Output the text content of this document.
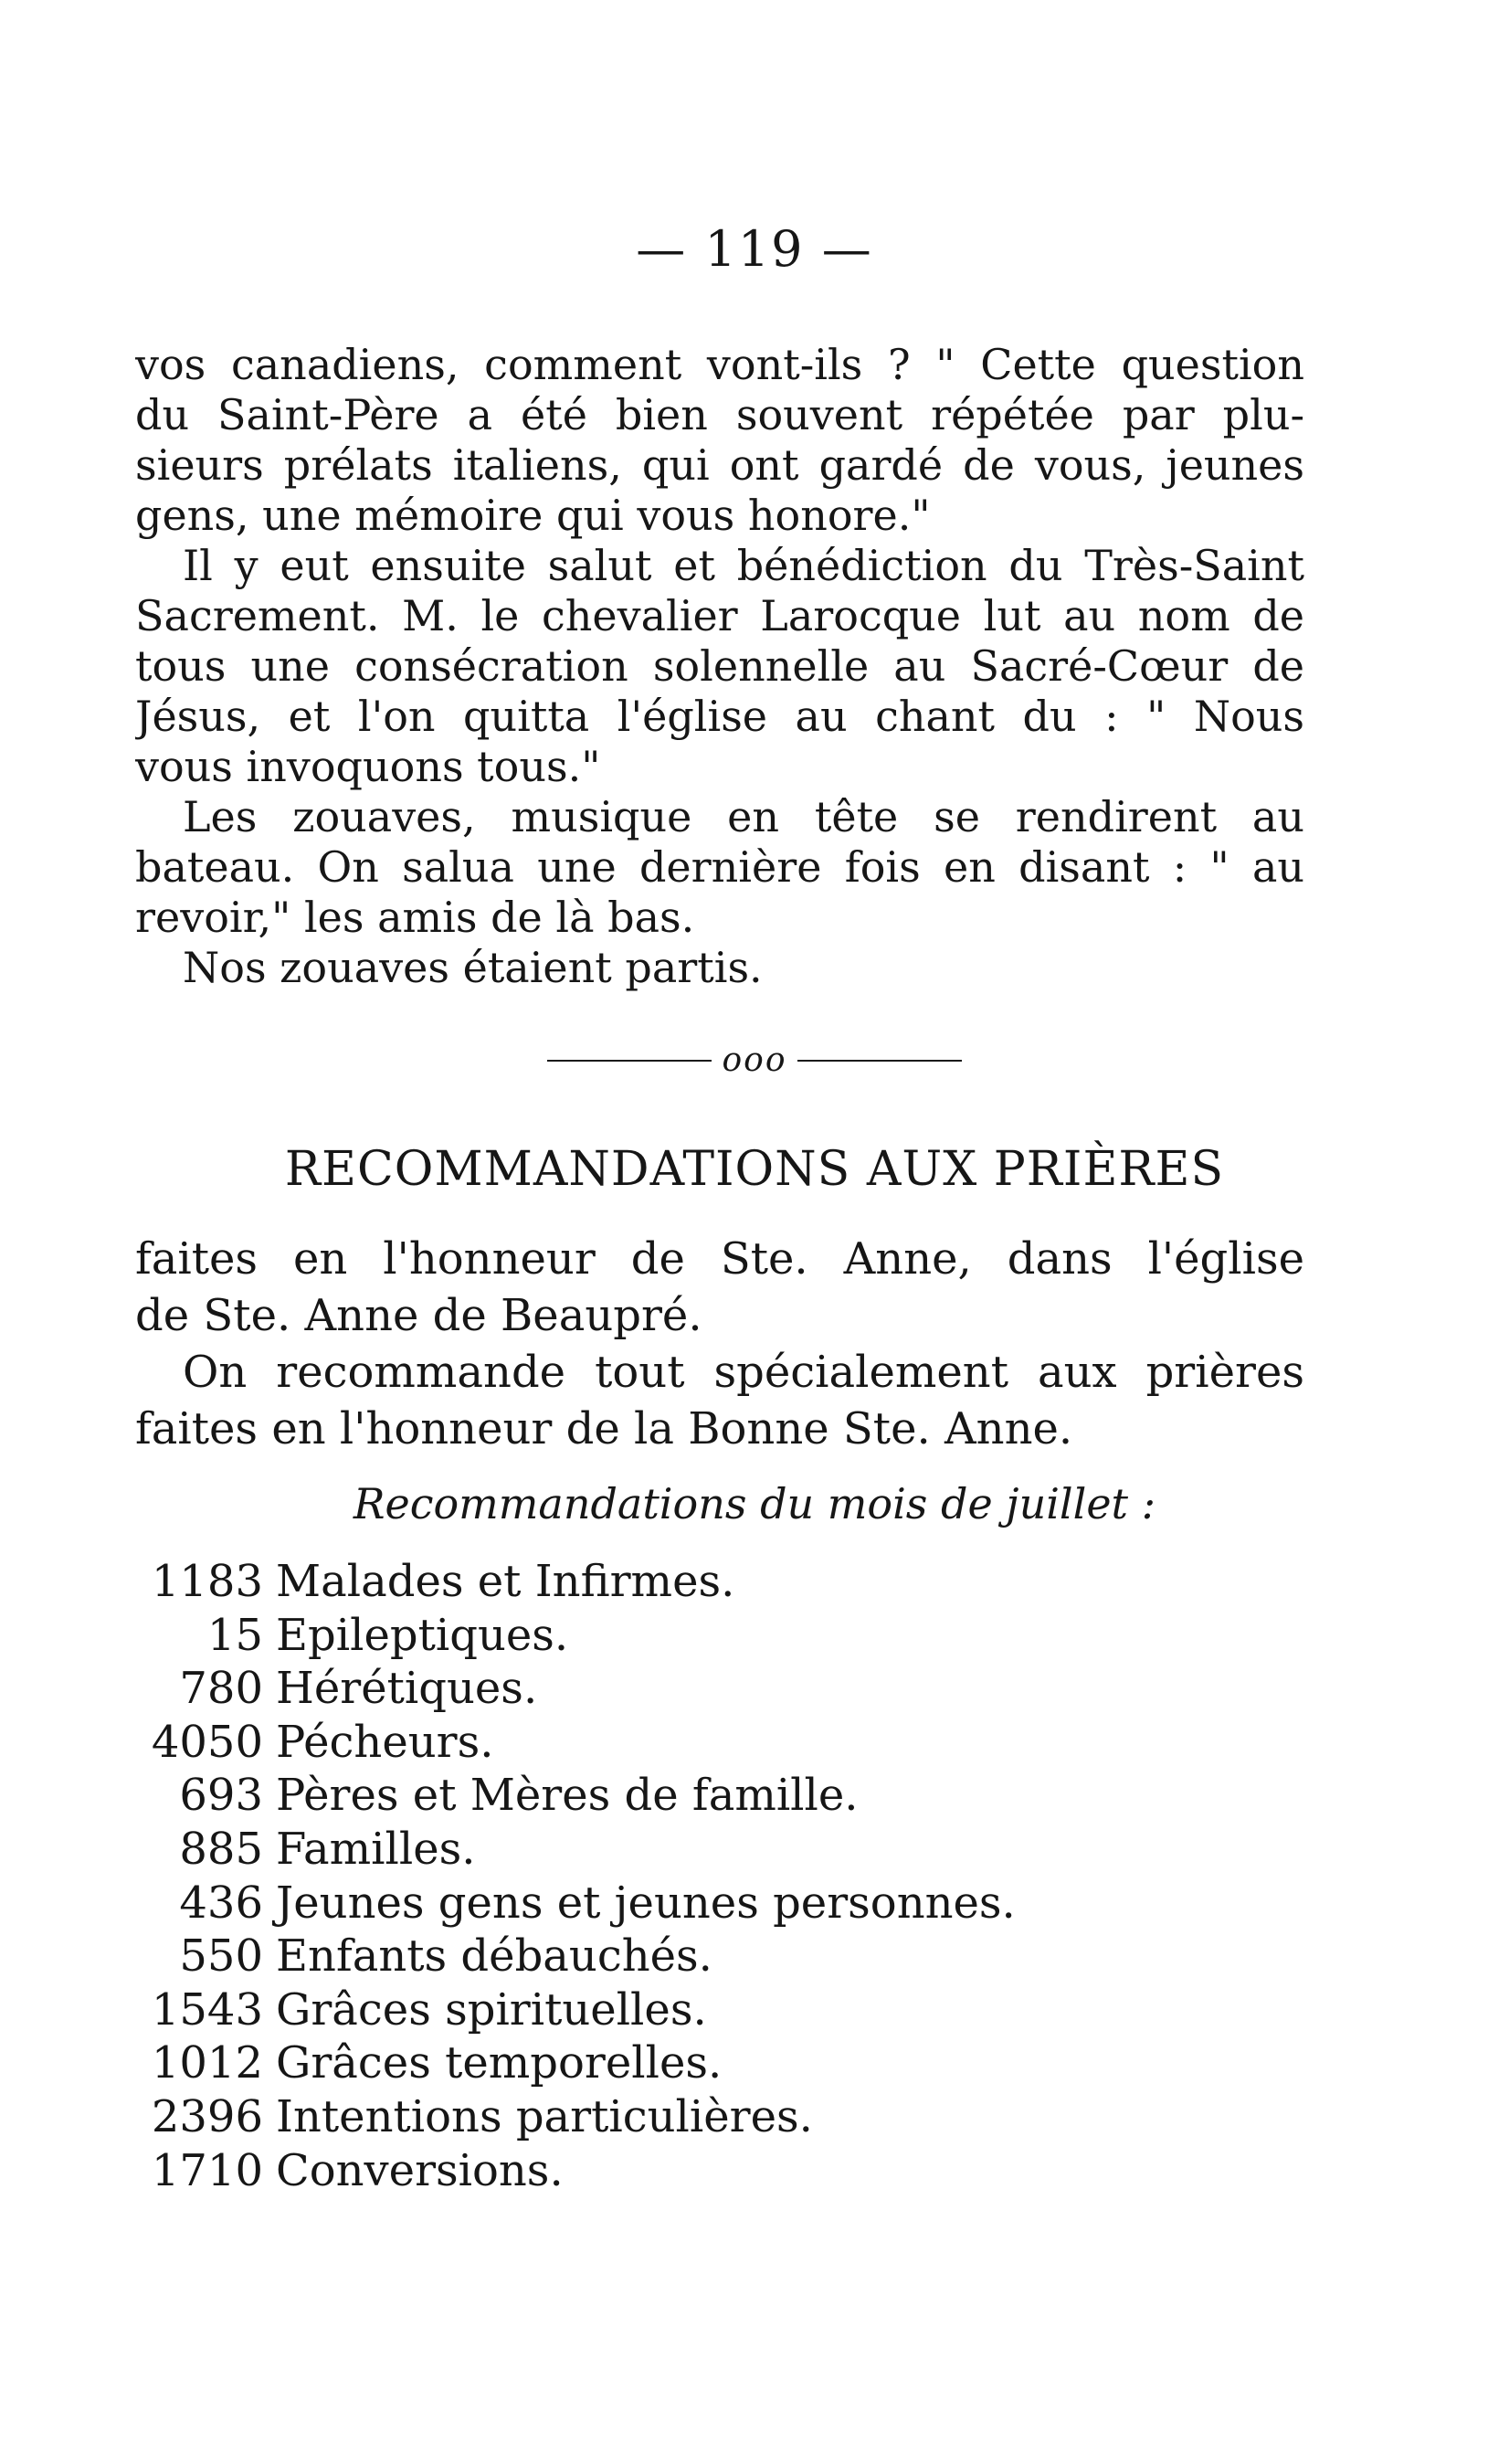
— 119 —
vos canadiens, comment vont-ils ? " Cette question
du Saint-Père a été bien souvent répétée par plu-
sieurs prélats italiens, qui ont gardé de vous, jeunes
gens, une mémoire qui vous honore."
Il y eut ensuite salut et bénédiction du Très-Saint
Sacrement. M. le chevalier Larocque lut au nom de
tous une consécration solennelle au Sacré-Cœur de
Jésus, et l'on quitta l'église au chant du : " Nous
vous invoquons tous."
Les zouaves, musique en tête se rendirent au
bateau. On salua une dernière fois en disant : " au
revoir," les amis de là bas.
Nos zouaves étaient partis.
ooo
RECOMMANDATIONS AUX PRIÈRES
faites en l'honneur de Ste. Anne, dans l'église
de Ste. Anne de Beaupré.
On recommande tout spécialement aux prières
faites en l'honneur de la Bonne Ste. Anne.
Recommandations du mois de juillet :
1183 Malades et Infirmes.
15 Epileptiques.
780 Hérétiques.
4050 Pécheurs.
693 Pères et Mères de famille.
885 Familles.
436 Jeunes gens et jeunes personnes.
550 Enfants débauchés.
1543 Grâces spirituelles.
1012 Grâces temporelles.
2396 Intentions particulières.
1710 Conversions.
